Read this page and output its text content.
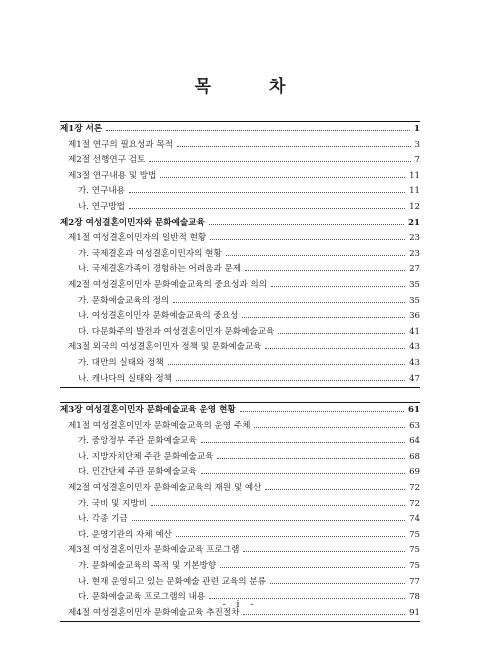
목 차
제1장 서론	1
제1절 연구의 필요성과 목적	3
제2절 선행연구 검토	7
제3절 연구내용 및 방법	11
가. 연구내용	11
나. 연구방법	12
제2장 여성결혼이민자와 문화예술교육	21
제1절 여성결혼이민자의 일반적 현황	23
가. 국제결혼과 여성결혼이민자의 현황	23
나. 국제결혼가족이 경험하는 어려움과 문제	27
제2절 여성결혼이민자 문화예술교육의 중요성과 의의	35
가. 문화예술교육의 정의	35
나. 여성결혼이민자 문화예술교육의 중요성	36
다. 다문화주의 발전과 여성결혼이민자 문화예술교육	41
제3절 외국의 여성결혼이민자 정책 및 문화예술교육	43
가. 대만의 실태와 정책	43
나. 캐나다의 실태와 정책	47
제3장 여성결혼이민자 문화예술교육 운영 현황	61
제1절 여성결혼이민자 문화예술교육의 운영 주체	63
가. 중앙정부 주관 문화예술교육	64
나. 지방자치단체 주관 문화예술교육	68
다. 민간단체 주관 문화예술교육	69
제2절 여성결혼이민자 문화예술교육의 재원 및 예산	72
가. 국비 및 지방비	72
나. 각종 기금	74
다. 운영기관의 자체 예산	75
제3절 여성결혼이민자 문화예술교육 프로그램	75
가. 문화예술교육의 목적 및 기본방향	75
나. 현재 운영되고 있는 문화예술 관련 교육의 분류	77
다. 문화예술교육 프로그램의 내용	78
제4절 여성결혼이민자 문화예술교육 추진절차	91
- i -
